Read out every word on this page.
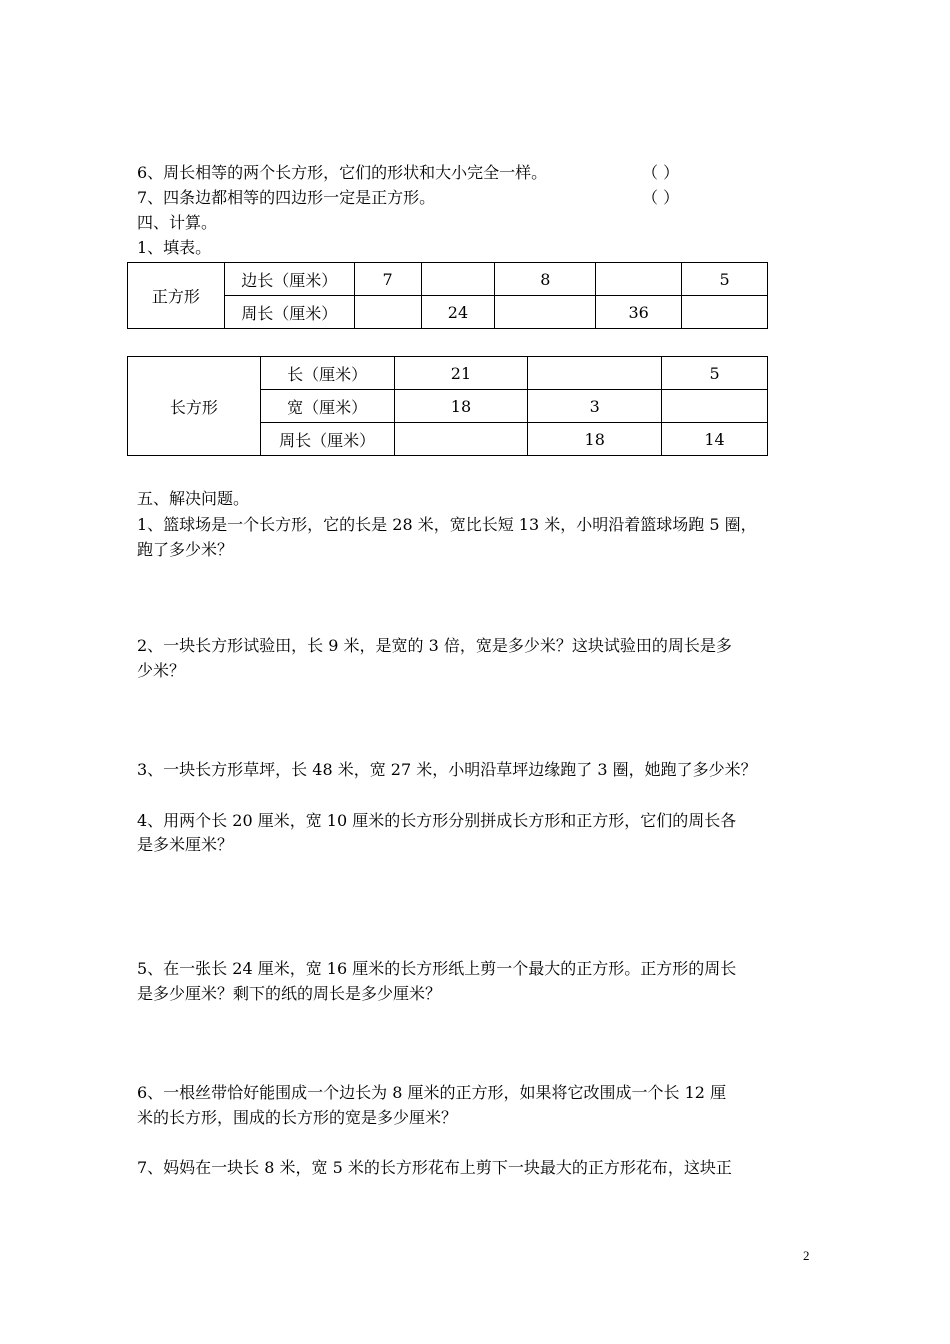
6、周长相等的两个长方形，它们的形状和大小完全一样。	（ ）
7、四条边都相等的四边形一定是正方形。	（ ）
四、计算。
1、填表。
正方形	边长（厘米）	7		8		5
	周长（厘米）		24		36	
长方形	长（厘米）	21		5
	宽（厘米）	18	3	
	周长（厘米）		18	14
五、解决问题。
1、篮球场是一个长方形，它的长是 28 米，宽比长短 13 米，小明沿着篮球场跑 5 圈，
跑了多少米？
2、一块长方形试验田，长 9 米，是宽的 3 倍，宽是多少米？这块试验田的周长是多
少米？
3、一块长方形草坪，长 48 米，宽 27 米，小明沿草坪边缘跑了 3 圈，她跑了多少米？
4、用两个长 20 厘米，宽 10 厘米的长方形分别拼成长方形和正方形，它们的周长各
是多米厘米？
5、在一张长 24 厘米，宽 16 厘米的长方形纸上剪一个最大的正方形。正方形的周长
是多少厘米？剩下的纸的周长是多少厘米？
6、一根丝带恰好能围成一个边长为 8 厘米的正方形，如果将它改围成一个长 12 厘
米的长方形，围成的长方形的宽是多少厘米？
7、妈妈在一块长 8 米，宽 5 米的长方形花布上剪下一块最大的正方形花布，这块正
2
